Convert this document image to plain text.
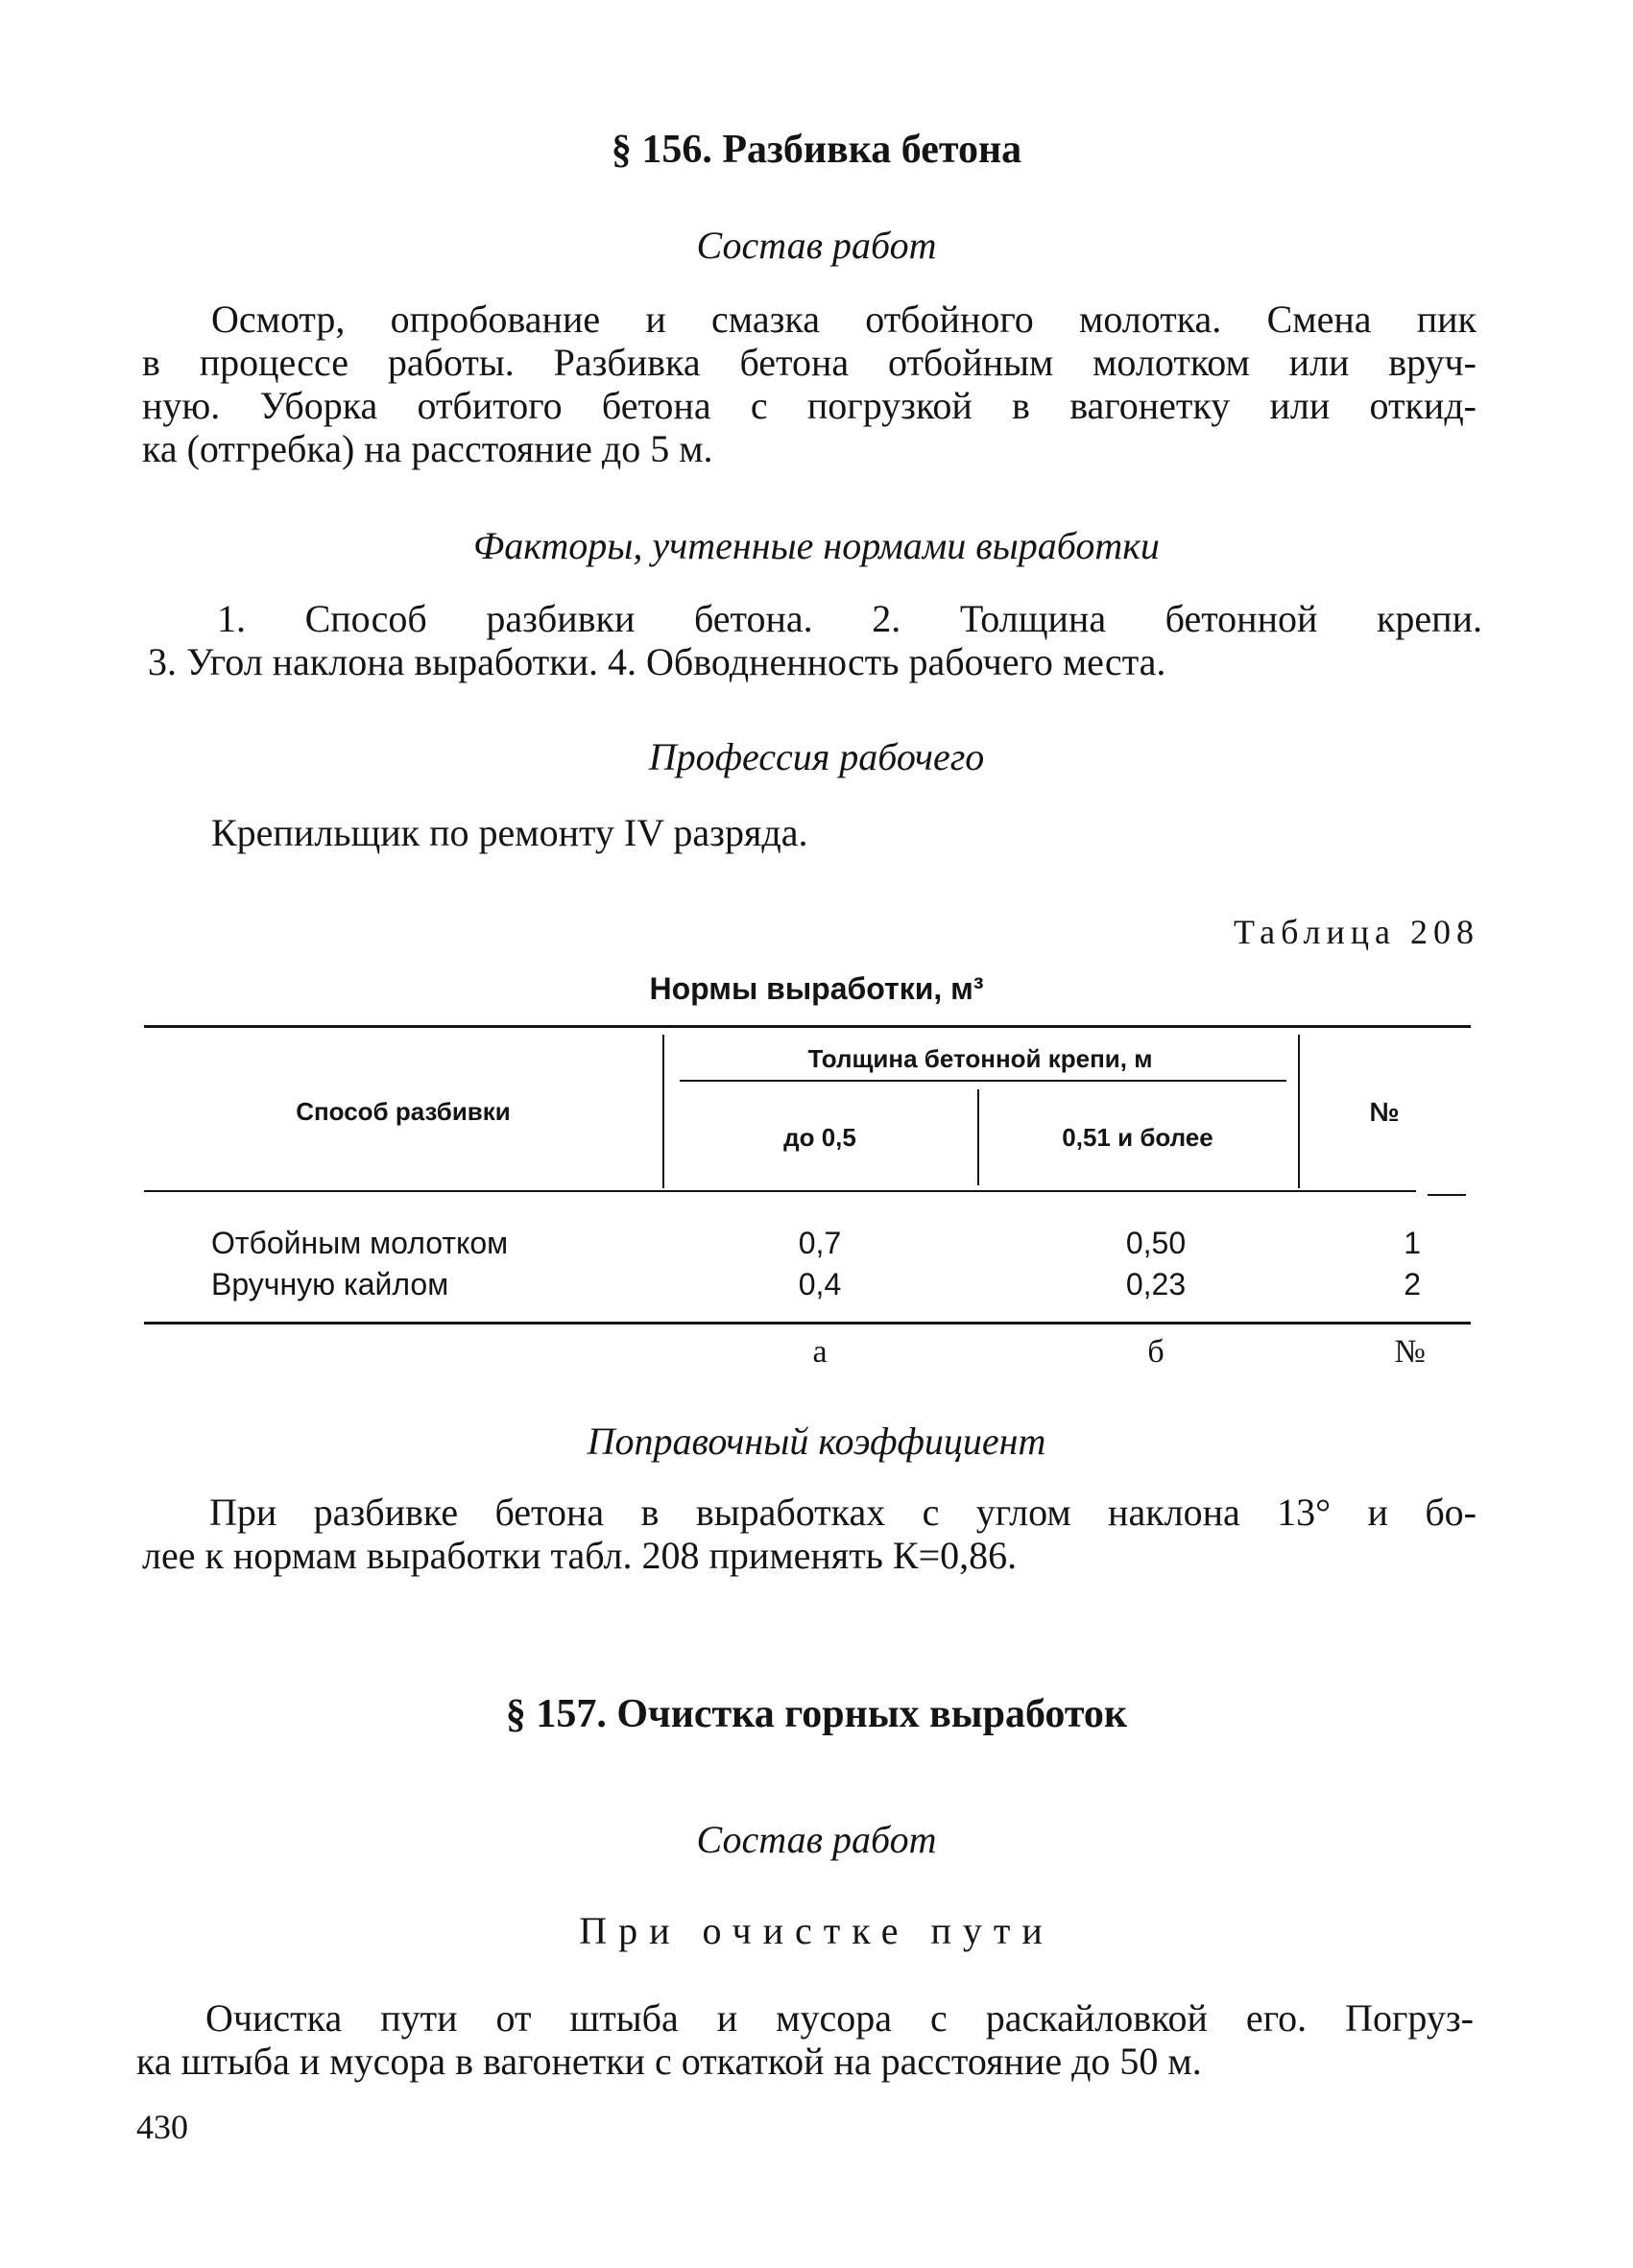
§ 156. Разбивка бетона
Состав работ
Осмотр, опробование и смазка отбойного молотка. Смена пик
в процессе работы. Разбивка бетона отбойным молотком или вруч-
ную. Уборка отбитого бетона с погрузкой в вагонетку или откид-
ка (отгребка) на расстояние до 5 м.
Факторы, учтенные нормами выработки
1. Способ разбивки бетона. 2. Толщина бетонной крепи.
3. Угол наклона выработки. 4. Обводненность рабочего места.
Профессия рабочего
Крепильщик по ремонту IV разряда.
Таблица 208
Нормы выработки, м³
Способ разбивки
Толщина бетонной крепи, м
до 0,5	0,51 и более
№
Отбойным молотком	0,7	0,50	1
Вручную кайлом	0,4	0,23	2
а	б	№
Поправочный коэффициент
При разбивке бетона в выработках с углом наклона 13° и бо-
лее к нормам выработки табл. 208 применять К=0,86.
§ 157. Очистка горных выработок
Состав работ
При очистке пути
Очистка пути от штыба и мусора с раскайловкой его. Погруз-
ка штыба и мусора в вагонетки с откаткой на расстояние до 50 м.
430
